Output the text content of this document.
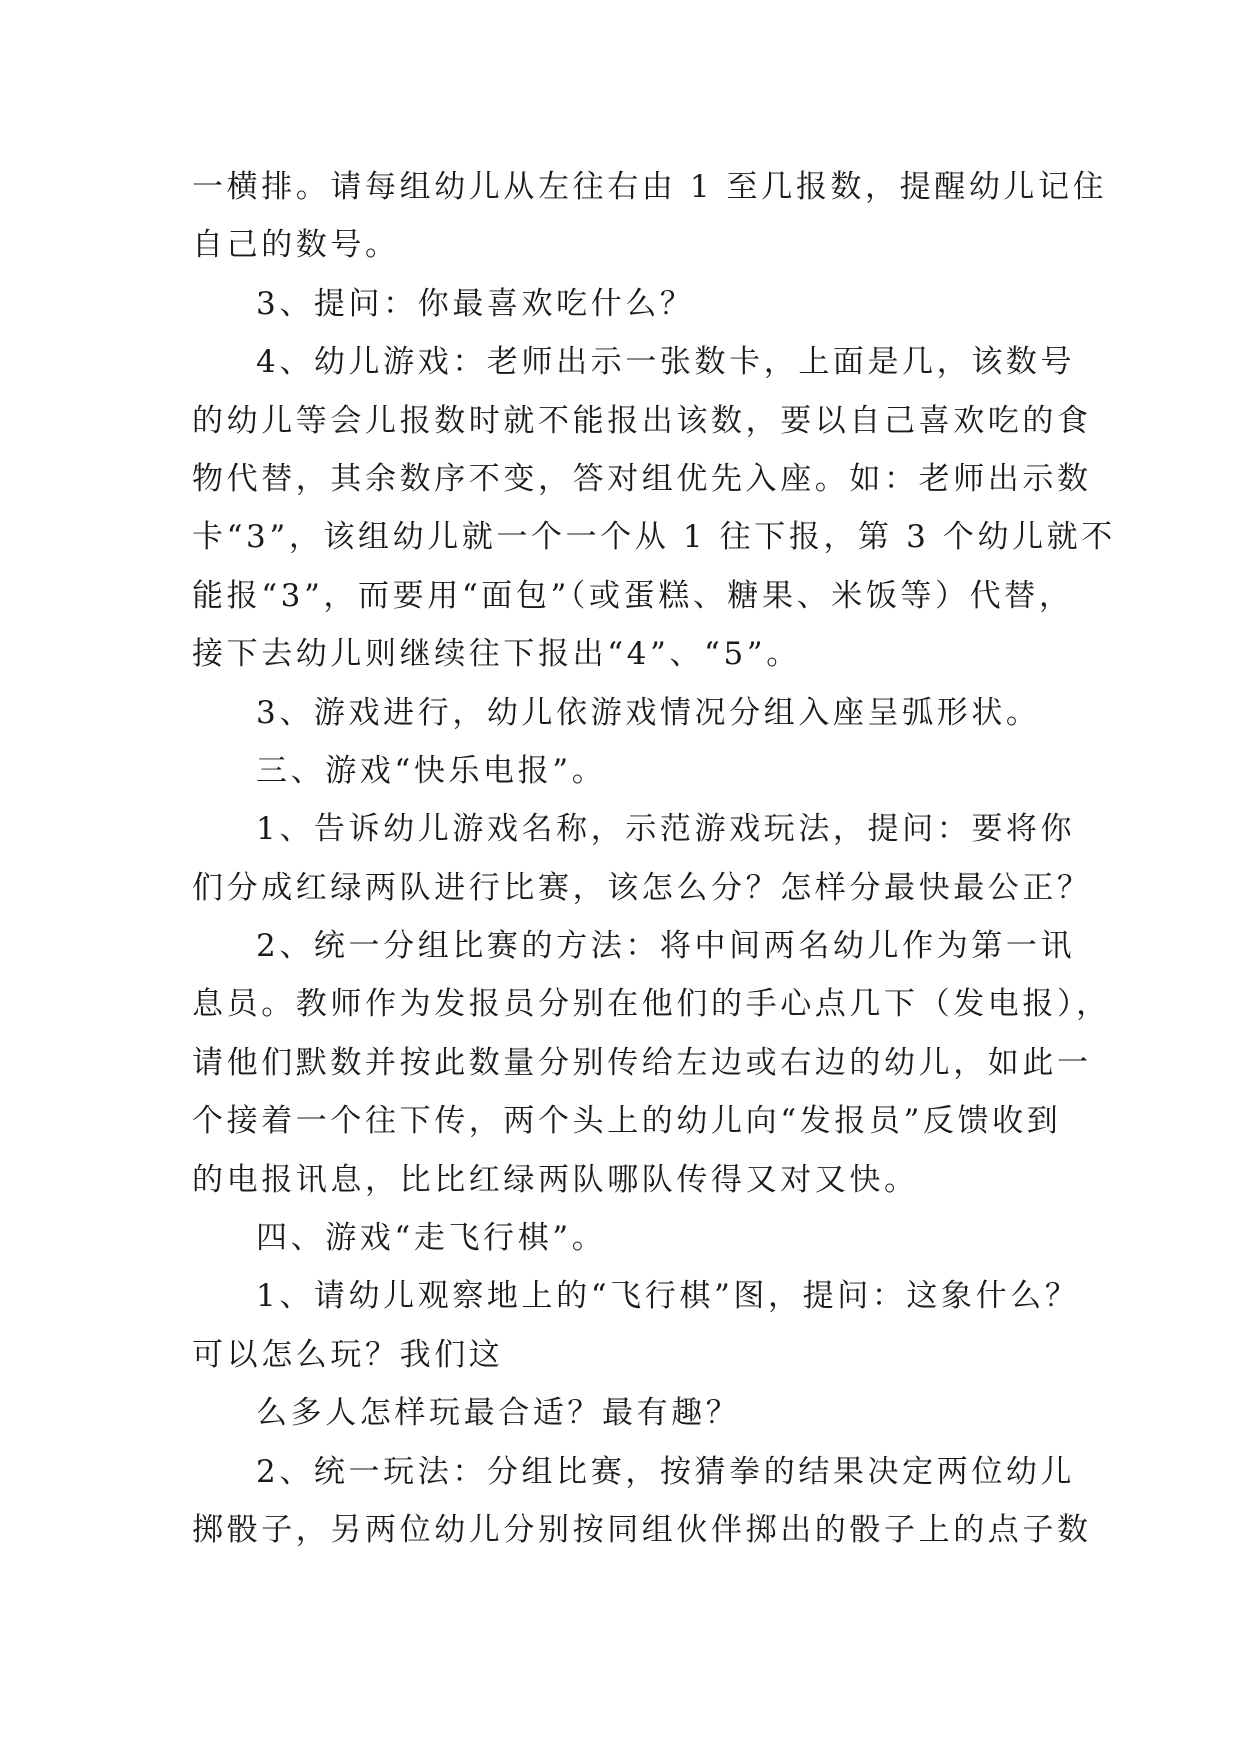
一横排。请每组幼儿从左往右由 1 至几报数，提醒幼儿记住
自己的数号。
3、提问：你最喜欢吃什么？
4、幼儿游戏：老师出示一张数卡，上面是几，该数号
的幼儿等会儿报数时就不能报出该数，要以自己喜欢吃的食
物代替，其余数序不变，答对组优先入座。如：老师出示数
卡“3”，该组幼儿就一个一个从 1 往下报，第 3 个幼儿就不
能报“3”，而要用“面包”（或蛋糕、糖果、米饭等）代替，
接下去幼儿则继续往下报出“4”、“5”。
3、游戏进行，幼儿依游戏情况分组入座呈弧形状。
三、游戏“快乐电报”。
1、告诉幼儿游戏名称，示范游戏玩法，提问：要将你
们分成红绿两队进行比赛，该怎么分？怎样分最快最公正？
2、统一分组比赛的方法：将中间两名幼儿作为第一讯
息员。教师作为发报员分别在他们的手心点几下（发电报），
请他们默数并按此数量分别传给左边或右边的幼儿，如此一
个接着一个往下传，两个头上的幼儿向“发报员”反馈收到
的电报讯息，比比红绿两队哪队传得又对又快。
四、游戏“走飞行棋”。
1、请幼儿观察地上的“飞行棋”图，提问：这象什么？
可以怎么玩？我们这
么多人怎样玩最合适？最有趣？
2、统一玩法：分组比赛，按猜拳的结果决定两位幼儿
掷骰子，另两位幼儿分别按同组伙伴掷出的骰子上的点子数
